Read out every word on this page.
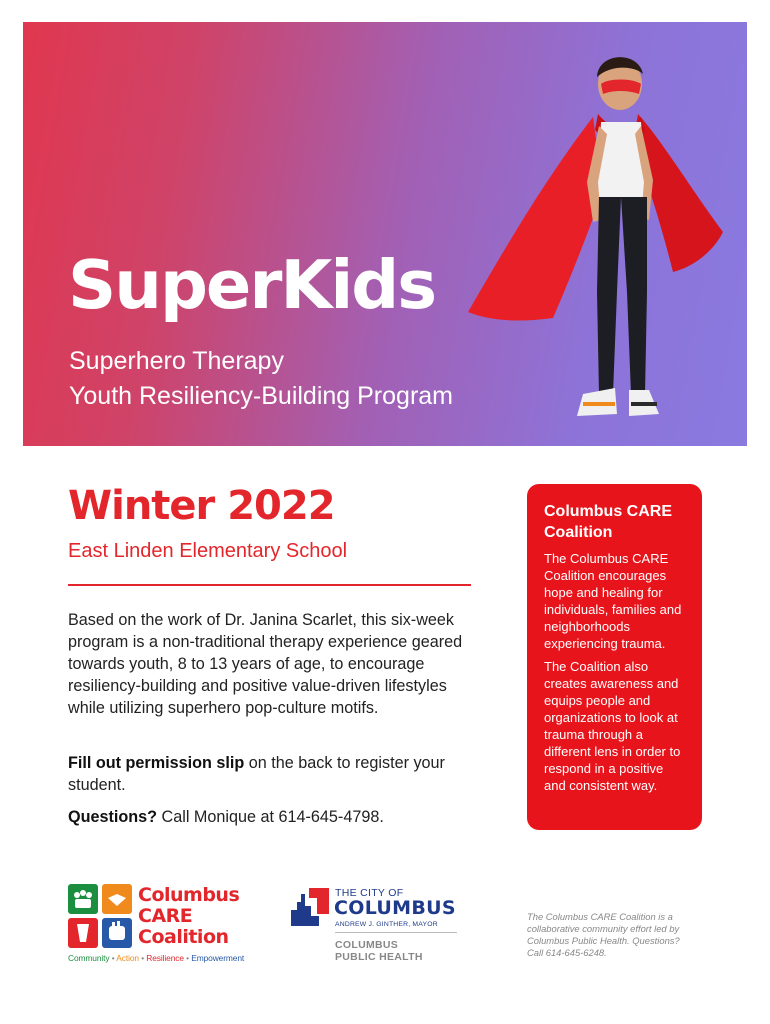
SuperKids
Superhero Therapy
Youth Resiliency-Building Program
Winter 2022
East Linden Elementary School

Based on the work of Dr. Janina Scarlet, this six-week program is a non-traditional therapy experience geared towards youth, 8 to 13 years of age, to encourage resiliency-building and positive value-driven lifestyles while utilizing superhero pop-culture motifs.

Fill out permission slip on the back to register your student.

Questions? Call Monique at 614-645-4798.

Columbus CARE Coalition

The Columbus CARE Coalition encourages hope and healing for individuals, families and neighborhoods experiencing trauma.

The Coalition also creates awareness and equips people and organizations to look at trauma through a different lens in order to respond in a positive and consistent way.

Columbus
CARE
Coalition
Community • Action • Resilience • Empowerment
THE CITY OF
COLUMBUS
ANDREW J. GINTHER, MAYOR
COLUMBUS
PUBLIC HEALTH

The Columbus CARE Coalition is a collaborative community effort led by Columbus Public Health. Questions? Call 614-645-6248.
